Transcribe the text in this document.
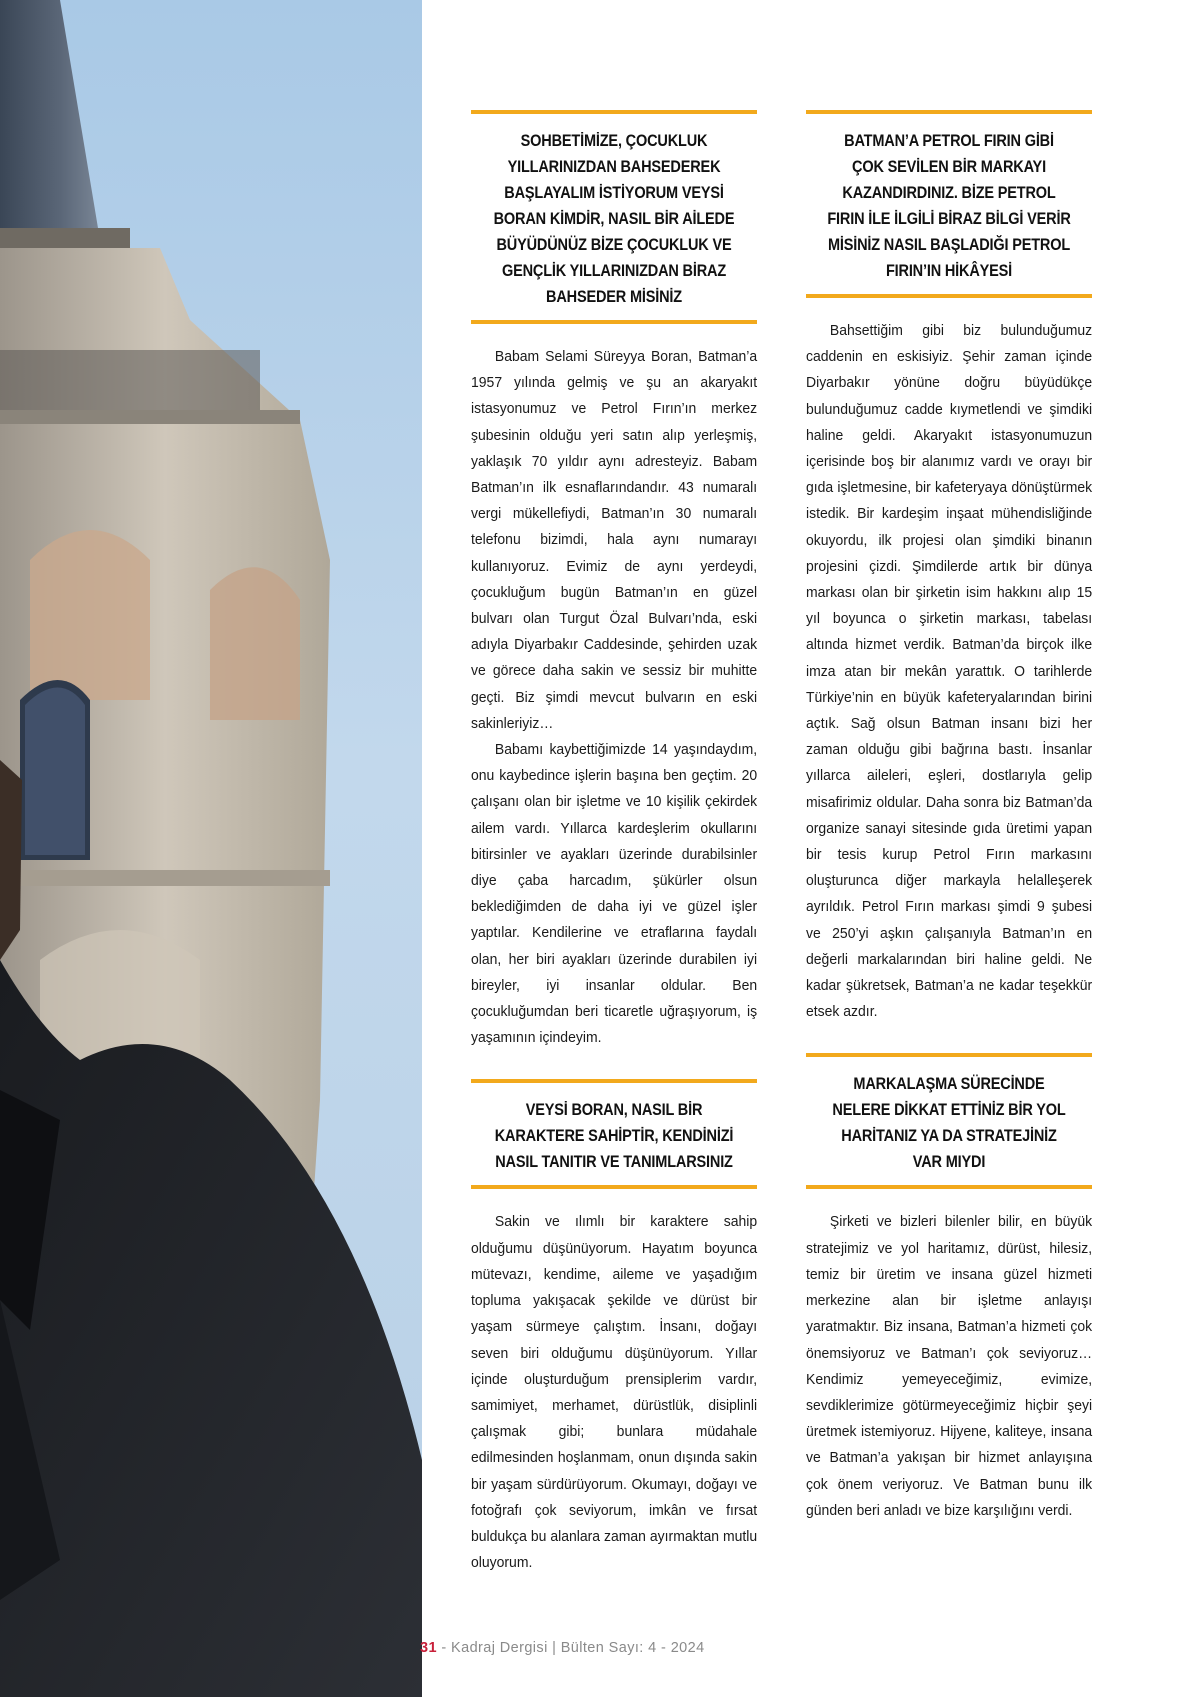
SOHBETİMİZE, ÇOCUKLUK YILLARINIZDAN BAHSEDEREK BAŞLAYALIM İSTİYORUM VEYSİ BORAN KİMDİR, NASIL BİR AİLEDE BÜYÜDÜNÜZ BİZE ÇOCUKLUK VE GENÇLİK YILLARINIZDAN BİRAZ BAHSEDER MİSİNİZ

Babam Selami Süreyya Boran, Batman’a 1957 yılında gelmiş ve şu an akaryakıt istasyonumuz ve Petrol Fırın’ın merkez şubesinin olduğu yeri satın alıp yerleşmiş, yaklaşık 70 yıldır aynı adresteyiz. Babam Batman’ın ilk esnaflarındandır. 43 numaralı vergi mükellefiydi, Batman’ın 30 numaralı telefonu bizimdi, hala aynı numarayı kullanıyoruz. Evimiz de aynı yerdeydi, çocukluğum bugün Batman’ın en güzel bulvarı olan Turgut Özal Bulvarı’nda, eski adıyla Diyarbakır Caddesinde, şehirden uzak ve görece daha sakin ve sessiz bir muhitte geçti. Biz şimdi mevcut bulvarın en eski sakinleriyiz…

Babamı kaybettiğimizde 14 yaşındaydım, onu kaybedince işlerin başına ben geçtim. 20 çalışanı olan bir işletme ve 10 kişilik çekirdek ailem vardı. Yıllarca kardeşlerim okullarını bitirsinler ve ayakları üzerinde durabilsinler diye çaba harcadım, şükürler olsun beklediğimden de daha iyi ve güzel işler yaptılar. Kendilerine ve etraflarına faydalı olan, her biri ayakları üzerinde durabilen iyi bireyler, iyi insanlar oldular. Ben çocukluğumdan beri ticaretle uğraşıyorum, iş yaşamının içindeyim.

VEYSİ BORAN, NASIL BİR KARAKTERE SAHİPTİR, KENDİNİZİ NASIL TANITIR VE TANIMLARSINIZ

Sakin ve ılımlı bir karaktere sahip olduğumu düşünüyorum. Hayatım boyunca mütevazı, kendime, aileme ve yaşadığım topluma yakışacak şekilde ve dürüst bir yaşam sürmeye çalıştım. İnsanı, doğayı seven biri olduğumu düşünüyorum. Yıllar içinde oluşturduğum prensiplerim vardır, samimiyet, merhamet, dürüstlük, disiplinli çalışmak gibi; bunlara müdahale edilmesinden hoşlanmam, onun dışında sakin bir yaşam sürdürüyorum. Okumayı, doğayı ve fotoğrafı çok seviyorum, imkân ve fırsat buldukça bu alanlara zaman ayırmaktan mutlu oluyorum.

BATMAN’A PETROL FIRIN GİBİ ÇOK SEVİLEN BİR MARKAYI KAZANDIRDINIZ. BİZE PETROL FIRIN İLE İLGİLİ BİRAZ BİLGİ VERİR MİSİNİZ NASIL BAŞLADIĞI PETROL FIRIN’IN HİKÂYESİ

Bahsettiğim gibi biz bulunduğumuz caddenin en eskisiyiz. Şehir zaman içinde Diyarbakır yönüne doğru büyüdükçe bulunduğumuz cadde kıymetlendi ve şimdiki haline geldi. Akaryakıt istasyonumuzun içerisinde boş bir alanımız vardı ve orayı bir gıda işletmesine, bir kafeteryaya dönüştürmek istedik. Bir kardeşim inşaat mühendisliğinde okuyordu, ilk projesi olan şimdiki binanın projesini çizdi. Şimdilerde artık bir dünya markası olan bir şirketin isim hakkını alıp 15 yıl boyunca o şirketin markası, tabelası altında hizmet verdik. Batman’da birçok ilke imza atan bir mekân yarattık. O tarihlerde Türkiye’nin en büyük kafeteryalarından birini açtık. Sağ olsun Batman insanı bizi her zaman olduğu gibi bağrına bastı. İnsanlar yıllarca aileleri, eşleri, dostlarıyla gelip misafirimiz oldular. Daha sonra biz Batman’da organize sanayi sitesinde gıda üretimi yapan bir tesis kurup Petrol Fırın markasını oluşturunca diğer markayla helalleşerek ayrıldık. Petrol Fırın markası şimdi 9 şubesi ve 250’yi aşkın çalışanıyla Batman’ın en değerli markalarından biri haline geldi. Ne kadar şükretsek, Batman’a ne kadar teşekkür etsek azdır.

MARKALAŞMA SÜRECİNDE NELERE DİKKAT ETTİNİZ BİR YOL HARİTANIZ YA DA STRATEJİNİZ VAR MIYDI

Şirketi ve bizleri bilenler bilir, en büyük stratejimiz ve yol haritamız, dürüst, hilesiz, temiz bir üretim ve insana güzel hizmeti merkezine alan bir işletme anlayışı yaratmaktır. Biz insana, Batman’a hizmeti çok önemsiyoruz ve Batman’ı çok seviyoruz… Kendimiz yemeyeceğimiz, evimize, sevdiklerimize götürmeyeceğimiz hiçbir şeyi üretmek istemiyoruz. Hijyene, kaliteye, insana ve Batman’a yakışan bir hizmet anlayışına çok önem veriyoruz. Ve Batman bunu ilk günden beri anladı ve bize karşılığını verdi.

31 - Kadraj Dergisi | Bülten Sayı: 4 - 2024
